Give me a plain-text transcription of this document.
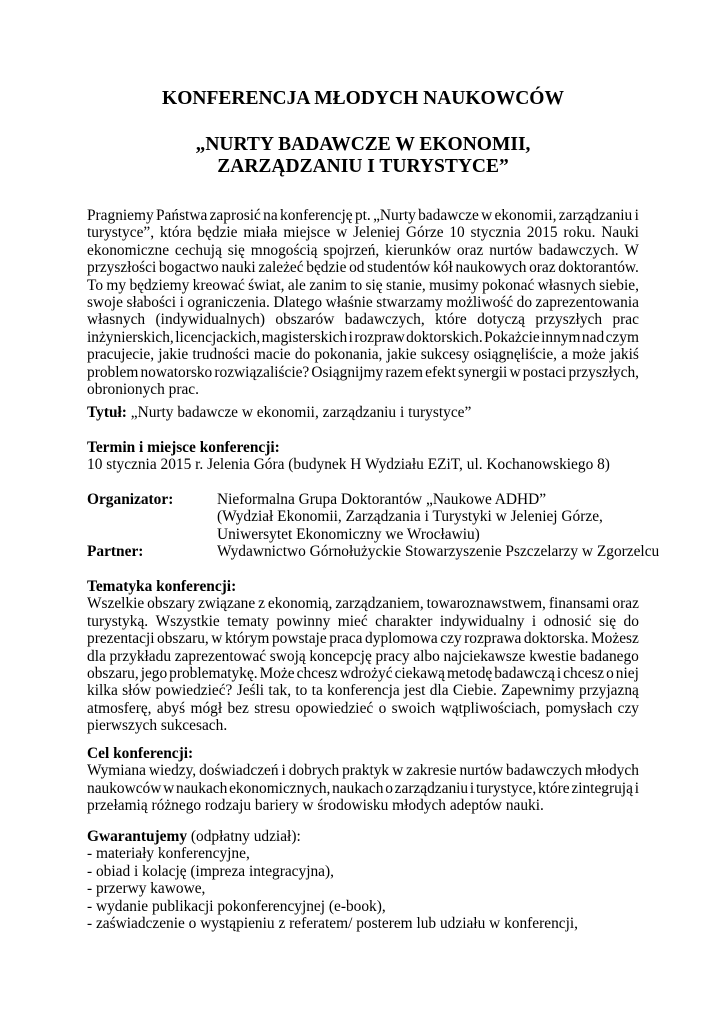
KONFERENCJA MŁODYCH NAUKOWCÓW
„NURTY BADAWCZE W EKONOMII,
ZARZĄDZANIU I TURYSTYCE”
Pragniemy Państwa zaprosić na konferencję pt. „Nurty badawcze w ekonomii, zarządzaniu i
turystyce”, która będzie miała miejsce w Jeleniej Górze 10 stycznia 2015 roku. Nauki
ekonomiczne cechują się mnogością spojrzeń, kierunków oraz nurtów badawczych. W
przyszłości bogactwo nauki zależeć będzie od studentów kół naukowych oraz doktorantów.
To my będziemy kreować świat, ale zanim to się stanie, musimy pokonać własnych siebie,
swoje słabości i ograniczenia. Dlatego właśnie stwarzamy możliwość do zaprezentowania
własnych (indywidualnych) obszarów badawczych, które dotyczą przyszłych prac
inżynierskich, licencjackich, magisterskich i rozpraw doktorskich. Pokażcie innym nad czym
pracujecie, jakie trudności macie do pokonania, jakie sukcesy osiągnęliście, a może jakiś
problem nowatorsko rozwiązaliście? Osiągnijmy razem efekt synergii w postaci przyszłych,
obronionych prac.
Tytuł: „Nurty badawcze w ekonomii, zarządzaniu i turystyce”
Termin i miejsce konferencji:
10 stycznia 2015 r. Jelenia Góra (budynek H Wydziału EZiT, ul. Kochanowskiego 8)
Organizator:	Nieformalna Grupa Doktorantów „Naukowe ADHD”
(Wydział Ekonomii, Zarządzania i Turystyki w Jeleniej Górze,
Uniwersytet Ekonomiczny we Wrocławiu)
Partner:	Wydawnictwo Górnołużyckie Stowarzyszenie Pszczelarzy w Zgorzelcu
Tematyka konferencji:
Wszelkie obszary związane z ekonomią, zarządzaniem, towaroznawstwem, finansami oraz
turystyką. Wszystkie tematy powinny mieć charakter indywidualny i odnosić się do
prezentacji obszaru, w którym powstaje praca dyplomowa czy rozprawa doktorska. Możesz
dla przykładu zaprezentować swoją koncepcję pracy albo najciekawsze kwestie badanego
obszaru, jego problematykę. Może chcesz wdrożyć ciekawą metodę badawczą i chcesz o niej
kilka słów powiedzieć? Jeśli tak, to ta konferencja jest dla Ciebie. Zapewnimy przyjazną
atmosferę, abyś mógł bez stresu opowiedzieć o swoich wątpliwościach, pomysłach czy
pierwszych sukcesach.
Cel konferencji:
Wymiana wiedzy, doświadczeń i dobrych praktyk w zakresie nurtów badawczych młodych
naukowców w naukach ekonomicznych, naukach o zarządzaniu i turystyce, które zintegrują i
przełamią różnego rodzaju bariery w środowisku młodych adeptów nauki.
Gwarantujemy (odpłatny udział):
- materiały konferencyjne,
- obiad i kolację (impreza integracyjna),
- przerwy kawowe,
- wydanie publikacji pokonferencyjnej (e-book),
- zaświadczenie o wystąpieniu z referatem/ posterem lub udziału w konferencji,
